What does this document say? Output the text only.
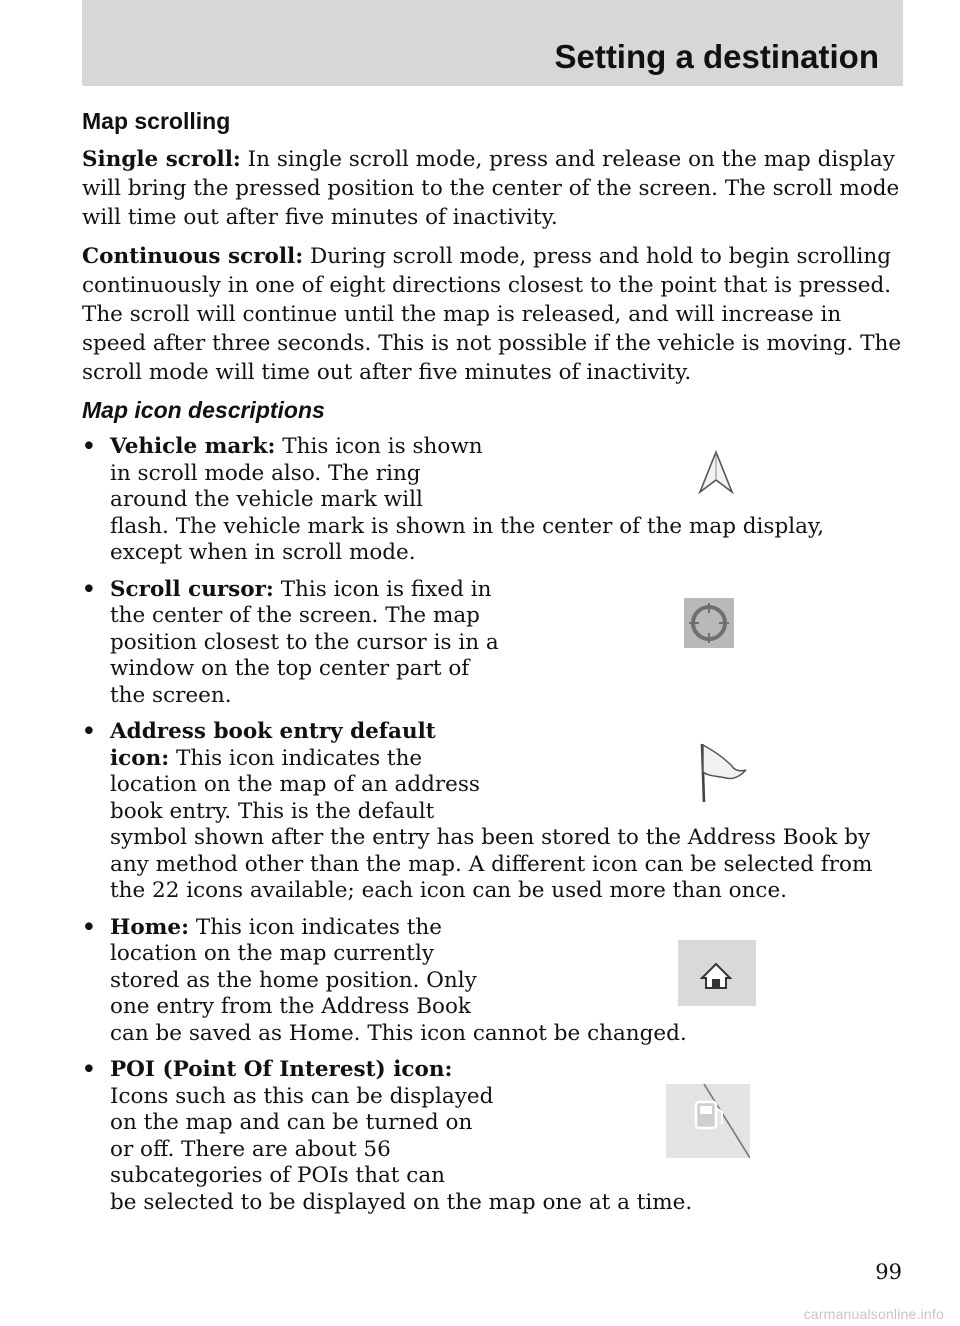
Setting a destination
Map scrolling

Single scroll: In single scroll mode, press and release on the map display will bring the pressed position to the center of the screen. The scroll mode will time out after five minutes of inactivity.

Continuous scroll: During scroll mode, press and hold to begin scrolling continuously in one of eight directions closest to the point that is pressed. The scroll will continue until the map is released, and will increase in speed after three seconds. This is not possible if the vehicle is moving. The scroll mode will time out after five minutes of inactivity.

Map icon descriptions
• Vehicle mark: This icon is shown in scroll mode also. The ring around the vehicle mark will
flash. The vehicle mark is shown in the center of the map display, except when in scroll mode.
• Scroll cursor: This icon is fixed in the center of the screen. The map position closest to the cursor is in a window on the top center part of the screen.
• Address book entry default icon: This icon indicates the location on the map of an address book entry. This is the default
symbol shown after the entry has been stored to the Address Book by any method other than the map. A different icon can be selected from the 22 icons available; each icon can be used more than once.
• Home: This icon indicates the location on the map currently stored as the home position. Only one entry from the Address Book
can be saved as Home. This icon cannot be changed.
• POI (Point Of Interest) icon: Icons such as this can be displayed on the map and can be turned on or off. There are about 56 subcategories of POIs that can
be selected to be displayed on the map one at a time.
99
carmanualsonline.info
